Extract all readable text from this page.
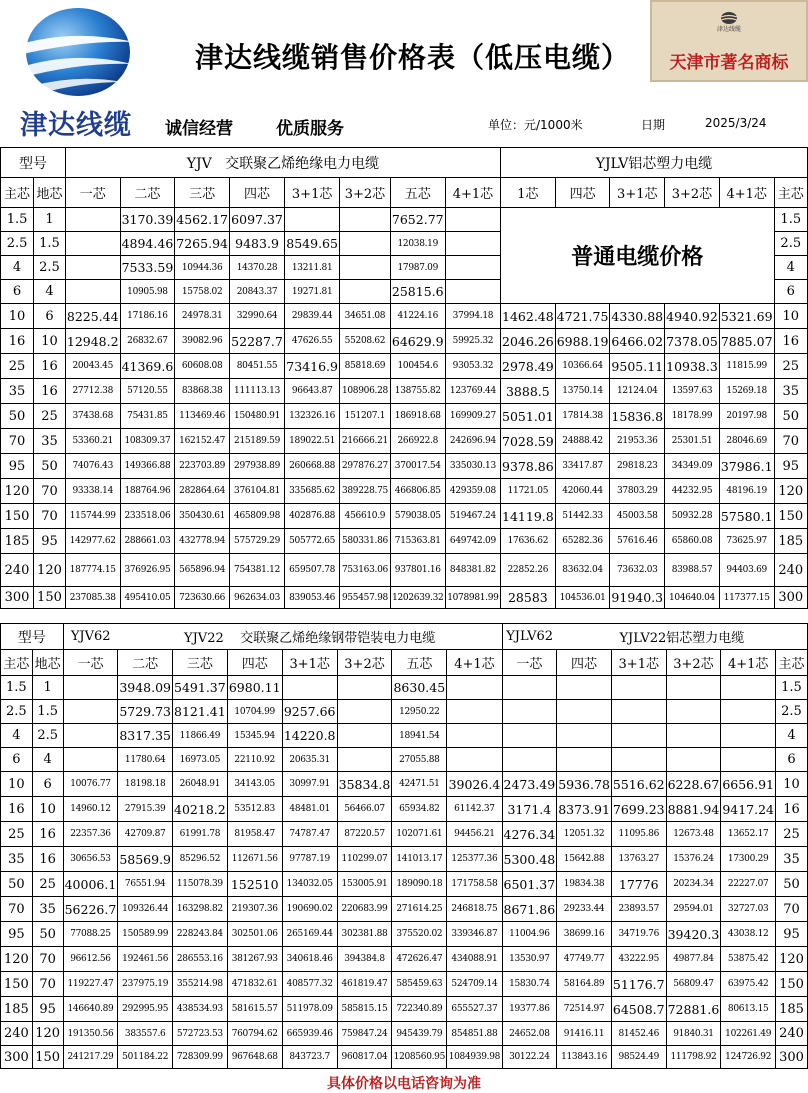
津达线缆
津达线缆销售价格表（低压电缆）
诚信经营	优质服务	单位：元/1000米	日期	2025/3/24
津达线缆
天津市著名商标
型号		YJV 交联聚乙烯绝缘电力电缆								YJLV铝芯塑力电缆					
主芯	地芯	一芯	二芯	三芯	四芯	3+1芯	3+2芯	五芯	4+1芯	1芯	四芯	3+1芯	3+2芯	4+1芯	主芯
1.5	1		3170.39	4562.17	6097.37			7652.77		普通电缆价格					1.5
2.5	1.5		4894.46	7265.94	9483.9	8549.65		12038.19							2.5
4	2.5		7533.59	10944.36	14370.28	13211.81		17987.09							4
6	4		10905.98	15758.02	20843.37	19271.81		25815.6							6
10	6	8225.44	17186.16	24978.31	32990.64	29839.44	34651.08	41224.16	37994.18	1462.48	4721.75	4330.88	4940.92	5321.69	10
16	10	12948.2	26832.67	39082.96	52287.7	47626.55	55208.62	64629.9	59925.32	2046.26	6988.19	6466.02	7378.05	7885.07	16
25	16	20043.45	41369.6	60608.08	80451.55	73416.9	85818.69	100454.6	93053.32	2978.49	10366.64	9505.11	10938.3	11815.99	25
35	16	27712.38	57120.55	83868.38	111113.13	96643.87	108906.28	138755.82	123769.44	3888.5	13750.14	12124.04	13597.63	15269.18	35
50	25	37438.68	75431.85	113469.46	150480.91	132326.16	151207.1	186918.68	169909.27	5051.01	17814.38	15836.8	18178.99	20197.98	50
70	35	53360.21	108309.37	162152.47	215189.59	189022.51	216666.21	266922.8	242696.94	7028.59	24888.42	21953.36	25301.51	28046.69	70
95	50	74076.43	149366.88	223703.89	297938.89	260668.88	297876.27	370017.54	335030.13	9378.86	33417.87	29818.23	34349.09	37986.1	95
120	70	93338.14	188764.96	282864.64	376104.81	335685.62	389228.75	466806.85	429359.08	11721.05	42060.44	37803.29	44232.95	48196.19	120
150	70	115744.99	233518.06	350430.61	465809.98	402876.88	456610.9	579038.05	519467.24	14119.8	51442.33	45003.58	50932.28	57580.1	150
185	95	142977.62	288661.03	432778.94	575729.29	505772.65	580331.86	715363.81	649742.09	17636.62	65282.36	57616.46	65860.08	73625.97	185
240	120	187774.15	376926.95	565896.94	754381.12	659507.78	753163.06	937801.16	848381.82	22852.26	83632.04	73632.03	83988.57	94403.69	240
300	150	237085.38	495410.05	723630.66	962634.03	839053.46	955457.98	1202639.32	1078981.99	28583	104536.01	91940.3	104640.04	117377.15	300
型号		YJV62	YJV22 交联聚乙烯绝缘钢带铠装电力电缆							YJLV62	YJLV22铝芯塑力电缆				
主芯	地芯	一芯	二芯	三芯	四芯	3+1芯	3+2芯	五芯	4+1芯	一芯	四芯	3+1芯	3+2芯	4+1芯	主芯
1.5	1		3948.09	5491.37	6980.11			8630.45							1.5
2.5	1.5		5729.73	8121.41	10704.99	9257.66		12950.22							2.5
4	2.5		8317.35	11866.49	15345.94	14220.8		18941.54							4
6	4		11780.64	16973.05	22110.92	20635.31		27055.88							6
10	6	10076.77	18198.18	26048.91	34143.05	30997.91	35834.8	42471.51	39026.4	2473.49	5936.78	5516.62	6228.67	6656.91	10
16	10	14960.12	27915.39	40218.2	53512.83	48481.01	56466.07	65934.82	61142.37	3171.4	8373.91	7699.23	8881.94	9417.24	16
25	16	22357.36	42709.87	61991.78	81958.47	74787.47	87220.57	102071.61	94456.21	4276.34	12051.32	11095.86	12673.48	13652.17	25
35	16	30656.53	58569.9	85296.52	112671.56	97787.19	110299.07	141013.17	125377.36	5300.48	15642.88	13763.27	15376.24	17300.29	35
50	25	40006.1	76551.94	115078.39	152510	134032.05	153005.91	189090.18	171758.58	6501.37	19834.38	17776	20234.34	22227.07	50
70	35	56226.7	109326.44	163298.82	219307.36	190690.02	220683.99	271614.25	246818.75	8671.86	29233.44	23893.57	29594.01	32727.03	70
95	50	77088.25	150589.99	228243.84	302501.06	265169.44	302381.88	375520.02	339346.87	11004.96	38699.16	34719.76	39420.3	43038.12	95
120	70	96612.56	192461.56	286553.16	381267.93	340618.46	394384.8	472626.47	434088.91	13530.97	47749.77	43222.95	49877.84	53875.42	120
150	70	119227.47	237975.19	355214.98	471832.61	408577.32	461819.47	585459.63	524709.14	15830.74	58164.89	51176.7	56809.47	63975.42	150
185	95	146640.89	292995.95	438534.93	581615.57	511978.09	585815.15	722340.89	655527.37	19377.86	72514.97	64508.7	72881.6	80613.15	185
240	120	191350.56	383557.6	572723.53	760794.62	665939.46	759847.24	945439.79	854851.88	24652.08	91416.11	81452.46	91840.31	102261.49	240
300	150	241217.29	501184.22	728309.99	967648.68	843723.7	960817.04	1208560.95	1084939.98	30122.24	113843.16	98524.49	111798.92	124726.92	300
具体价格以电话咨询为准
